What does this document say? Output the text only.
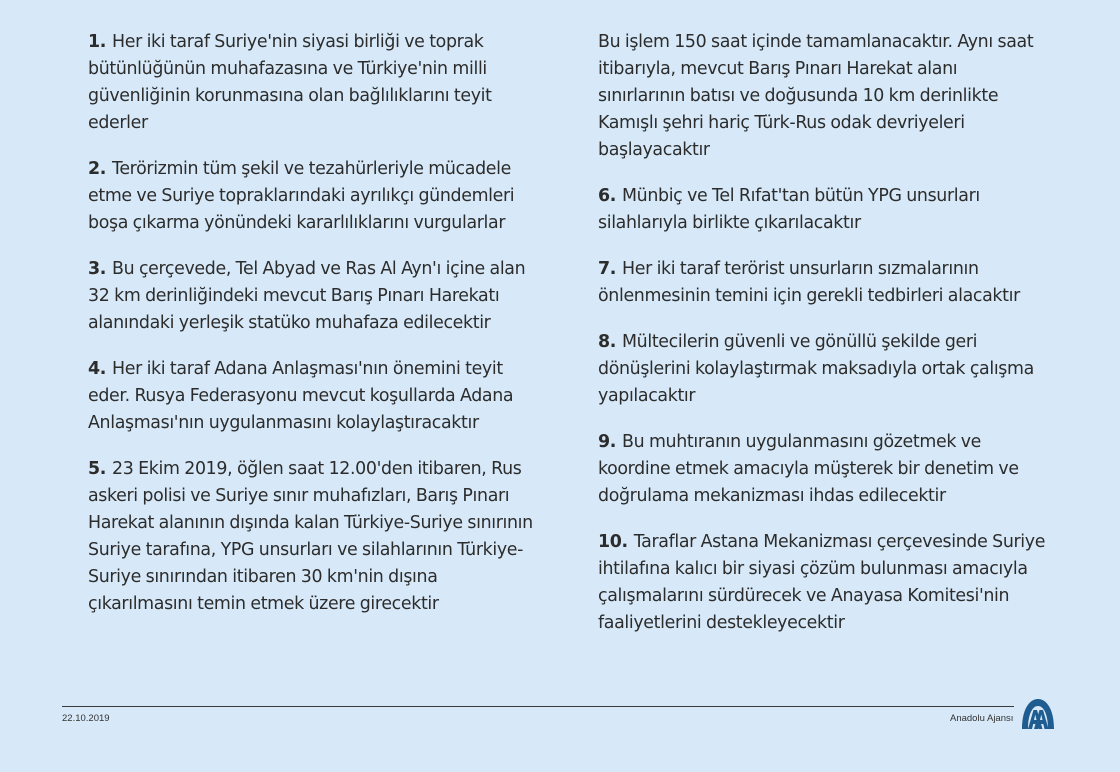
1. Her iki taraf Suriye'nin siyasi birliği ve toprak bütünlüğünün muhafazasına ve Türkiye'nin milli güvenliğinin korunmasına olan bağlılıklarını teyit ederler

2. Terörizmin tüm şekil ve tezahürleriyle mücadele etme ve Suriye topraklarındaki ayrılıkçı gündemleri boşa çıkarma yönündeki kararlılıklarını vurgularlar

3. Bu çerçevede, Tel Abyad ve Ras Al Ayn'ı içine alan 32 km derinliğindeki mevcut Barış Pınarı Harekatı alanındaki yerleşik statüko muhafaza edilecektir

4. Her iki taraf Adana Anlaşması'nın önemini teyit eder. Rusya Federasyonu mevcut koşullarda Adana Anlaşması'nın uygulanmasını kolaylaştıracaktır

5. 23 Ekim 2019, öğlen saat 12.00'den itibaren, Rus askeri polisi ve Suriye sınır muhafızları, Barış Pınarı Harekat alanının dışında kalan Türkiye-Suriye sınırının Suriye tarafına, YPG unsurları ve silahlarının Türkiye-Suriye sınırından itibaren 30 km'nin dışına çıkarılmasını temin etmek üzere girecektir

Bu işlem 150 saat içinde tamamlanacaktır. Aynı saat itibarıyla, mevcut Barış Pınarı Harekat alanı sınırlarının batısı ve doğusunda 10 km derinlikte Kamışlı şehri hariç Türk-Rus odak devriyeleri başlayacaktır

6. Münbiç ve Tel Rıfat'tan bütün YPG unsurları silahlarıyla birlikte çıkarılacaktır

7. Her iki taraf terörist unsurların sızmalarının önlenmesinin temini için gerekli tedbirleri alacaktır

8. Mültecilerin güvenli ve gönüllü şekilde geri dönüşlerini kolaylaştırmak maksadıyla ortak çalışma yapılacaktır

9. Bu muhtıranın uygulanmasını gözetmek ve koordine etmek amacıyla müşterek bir denetim ve doğrulama mekanizması ihdas edilecektir

10. Taraflar Astana Mekanizması çerçevesinde Suriye ihtilafına kalıcı bir siyasi çözüm bulunması amacıyla çalışmalarını sürdürecek ve Anayasa Komitesi'nin faaliyetlerini destekleyecektir

22.10.2019	Anadolu Ajansı
